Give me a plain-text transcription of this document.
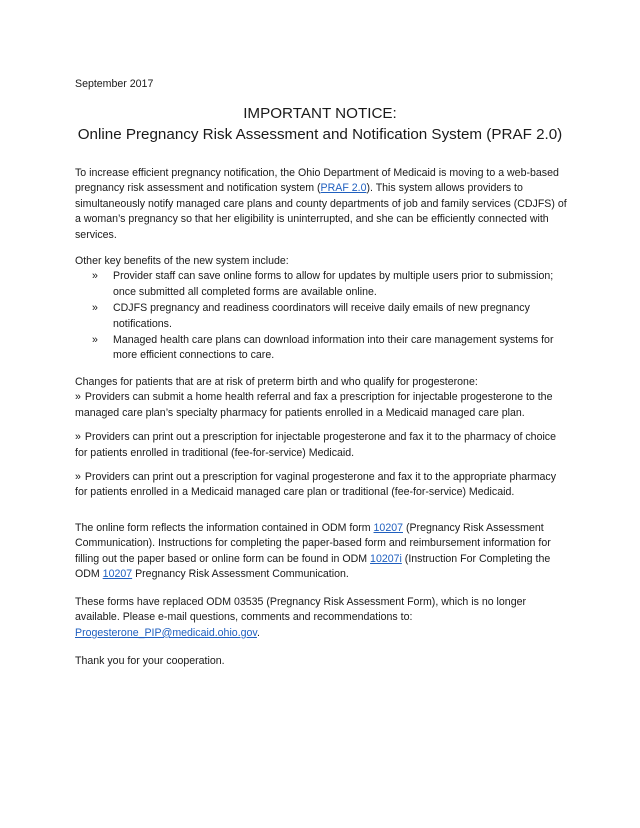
September 2017
IMPORTANT NOTICE:
Online Pregnancy Risk Assessment and Notification System (PRAF 2.0)

To increase efficient pregnancy notification, the Ohio Department of Medicaid is moving to a web-based pregnancy risk assessment and notification system (PRAF 2.0). This system allows providers to simultaneously notify managed care plans and county departments of job and family services (CDJFS) of a woman’s pregnancy so that her eligibility is uninterrupted, and she can be efficiently connected with services.

Other key benefits of the new system include:

» Provider staff can save online forms to allow for updates by multiple users prior to submission; once submitted all completed forms are available online.
» CDJFS pregnancy and readiness coordinators will receive daily emails of new pregnancy notifications.
» Managed health care plans can download information into their care management systems for more efficient connections to care.

Changes for patients that are at risk of preterm birth and who qualify for progesterone:

» Providers can submit a home health referral and fax a prescription for injectable progesterone to the managed care plan’s specialty pharmacy for patients enrolled in a Medicaid managed care plan.

» Providers can print out a prescription for injectable progesterone and fax it to the pharmacy of choice for patients enrolled in traditional (fee-for-service) Medicaid.

» Providers can print out a prescription for vaginal progesterone and fax it to the appropriate pharmacy for patients enrolled in a Medicaid managed care plan or traditional (fee-for-service) Medicaid.

The online form reflects the information contained in ODM form 10207 (Pregnancy Risk Assessment Communication). Instructions for completing the paper-based form and reimbursement information for filling out the paper based or online form can be found in ODM 10207i (Instruction For Completing the ODM 10207 Pregnancy Risk Assessment Communication.

These forms have replaced ODM 03535 (Pregnancy Risk Assessment Form), which is no longer available. Please e-mail questions, comments and recommendations to:
Progesterone_PIP@medicaid.ohio.gov.

Thank you for your cooperation.
